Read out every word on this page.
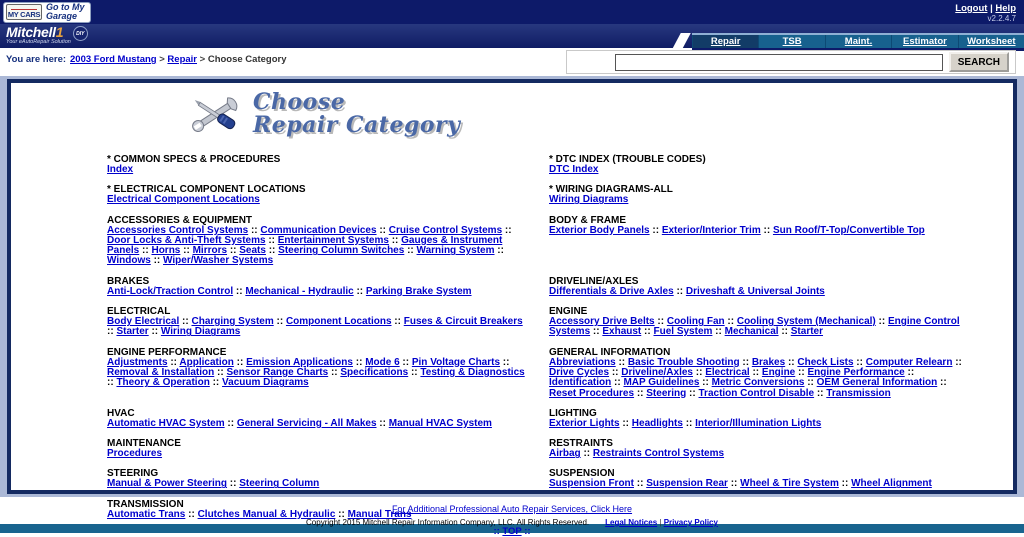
MY CARS
Go to My
Garage
Logout | Help
v2.2.4.7
Mitchell1
Your eAutoRepair Solution
DIY
Repair	TSB	Maint.	Estimator	Worksheet
You are here: 2003 Ford Mustang > Repair > Choose Category	SEARCH
Choose
Repair Category
* COMMON SPECS & PROCEDURES
Index

* DTC INDEX (TROUBLE CODES)
DTC Index

* ELECTRICAL COMPONENT LOCATIONS
Electrical Component Locations

* WIRING DIAGRAMS-ALL
Wiring Diagrams

ACCESSORIES & EQUIPMENT
Accessories Control Systems :: Communication Devices :: Cruise Control Systems :: Door Locks & Anti-Theft Systems :: Entertainment Systems :: Gauges & Instrument Panels :: Horns :: Mirrors :: Seats :: Steering Column Switches :: Warning System :: Windows :: Wiper/Washer Systems

BODY & FRAME
Exterior Body Panels :: Exterior/Interior Trim :: Sun Roof/T-Top/Convertible Top

BRAKES
Anti-Lock/Traction Control :: Mechanical - Hydraulic :: Parking Brake System

DRIVELINE/AXLES
Differentials & Drive Axles :: Driveshaft & Universal Joints

ELECTRICAL
Body Electrical :: Charging System :: Component Locations :: Fuses & Circuit Breakers :: Starter :: Wiring Diagrams

ENGINE
Accessory Drive Belts :: Cooling Fan :: Cooling System (Mechanical) :: Engine Control Systems :: Exhaust :: Fuel System :: Mechanical :: Starter

ENGINE PERFORMANCE
Adjustments :: Application :: Emission Applications :: Mode 6 :: Pin Voltage Charts :: Removal & Installation :: Sensor Range Charts :: Specifications :: Testing & Diagnostics :: Theory & Operation :: Vacuum Diagrams

GENERAL INFORMATION
Abbreviations :: Basic Trouble Shooting :: Brakes :: Check Lists :: Computer Relearn :: Drive Cycles :: Driveline/Axles :: Electrical :: Engine :: Engine Performance :: Identification :: MAP Guidelines :: Metric Conversions :: OEM General Information :: Reset Procedures :: Steering :: Traction Control Disable :: Transmission

HVAC
Automatic HVAC System :: General Servicing - All Makes :: Manual HVAC System

LIGHTING
Exterior Lights :: Headlights :: Interior/Illumination Lights

MAINTENANCE
Procedures

RESTRAINTS
Airbag :: Restraints Control Systems

STEERING
Manual & Power Steering :: Steering Column

SUSPENSION
Suspension Front :: Suspension Rear :: Wheel & Tire System :: Wheel Alignment

TRANSMISSION
Automatic Trans :: Clutches Manual & Hydraulic :: Manual Trans	

For Additional Professional Auto Repair Services, Click Here
Copyright 2015 Mitchell Repair Information Company, LLC. All Rights Reserved. Legal Notices | Privacy Policy
:: TOP ::
